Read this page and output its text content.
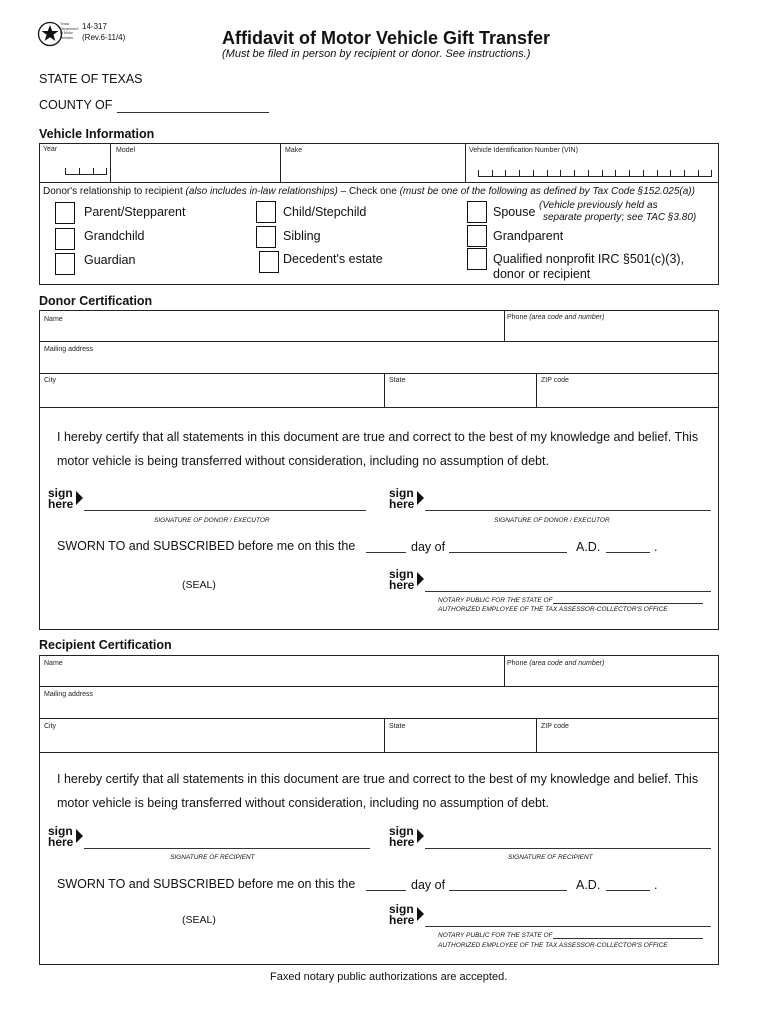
Texas Department of Motor Vehicles
14-317
(Rev.6-11/4)	Affidavit of Motor Vehicle Gift Transfer
(Must be filed in person by recipient or donor. See instructions.)
STATE OF TEXAS
COUNTY OF
Vehicle Information
Year	Model	Make	Vehicle Identification Number (VIN)
Donor's relationship to recipient (also includes in-law relationships) – Check one (must be one of the following as defined by Tax Code §152.025(a))
Parent/Stepparent	Child/Stepchild	Spouse (Vehicle previously held as
separate property; see TAC §3.80)
Grandchild	Sibling	Grandparent
Guardian	Decedent's estate	Qualified nonprofit IRC §501(c)(3),
donor or recipient
Donor Certification
Name	Phone (area code and number)
Mailing address
City	State	ZIP code
I hereby certify that all statements in this document are true and correct to the best of my knowledge and belief. This
motor vehicle is being transferred without consideration, including no assumption of debt.
sign
here
SIGNATURE OF DONOR / EXECUTOR
sign
here
SIGNATURE OF DONOR / EXECUTOR
SWORN TO and SUBSCRIBED before me on this the	day of	A.D.	.
(SEAL)
sign
here
NOTARY PUBLIC FOR THE STATE OF
AUTHORIZED EMPLOYEE OF THE TAX ASSESSOR-COLLECTOR'S OFFICE
Recipient Certification
Name	Phone (area code and number)
Mailing address
City	State	ZIP code
I hereby certify that all statements in this document are true and correct to the best of my knowledge and belief. This
motor vehicle is being transferred without consideration, including no assumption of debt.
sign
here
SIGNATURE OF RECIPIENT
sign
here
SIGNATURE OF RECIPIENT
SWORN TO and SUBSCRIBED before me on this the	day of	A.D.	.
(SEAL)
sign
here
NOTARY PUBLIC FOR THE STATE OF
AUTHORIZED EMPLOYEE OF THE TAX ASSESSOR-COLLECTOR'S OFFICE
Faxed notary public authorizations are accepted.
